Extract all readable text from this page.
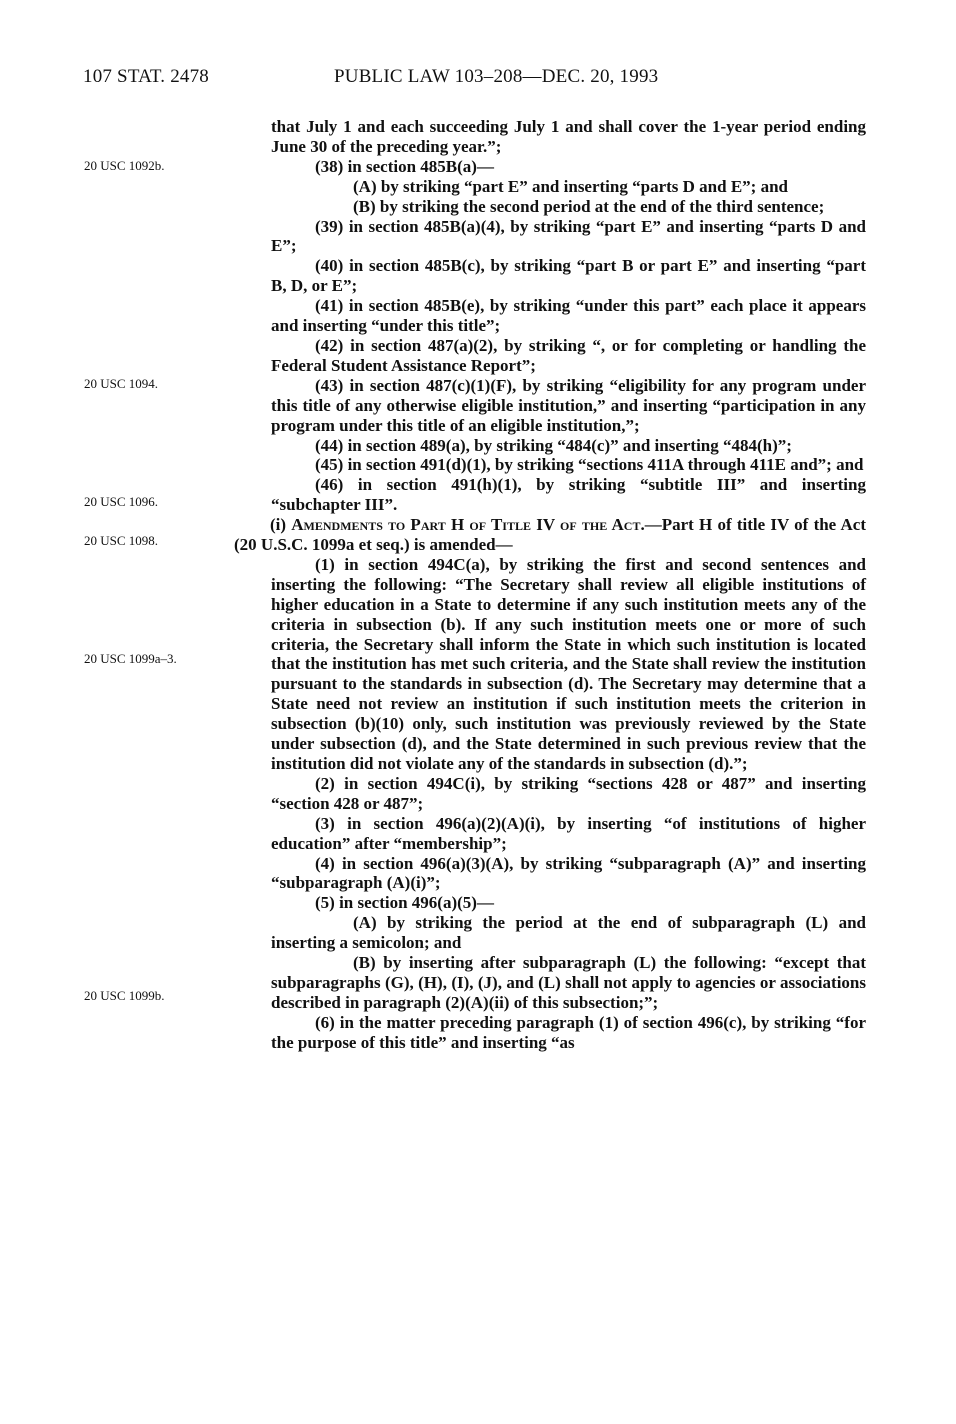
107 STAT. 2478	PUBLIC LAW 103–208—DEC. 20, 1993
20 USC 1092b.
20 USC 1094.
20 USC 1096.
20 USC 1098.
20 USC 1099a–3.
20 USC 1099b.

that July 1 and each succeeding July 1 and shall cover the 1-year period ending June 30 of the preceding year.”;

(38) in section 485B(a)—

(A) by striking “part E” and inserting “parts D and E”; and

(B) by striking the second period at the end of the third sentence;

(39) in section 485B(a)(4), by striking “part E” and inserting “parts D and E”;

(40) in section 485B(c), by striking “part B or part E” and inserting “part B, D, or E”;

(41) in section 485B(e), by striking “under this part” each place it appears and inserting “under this title”;

(42) in section 487(a)(2), by striking “, or for completing or handling the Federal Student Assistance Report”;

(43) in section 487(c)(1)(F), by striking “eligibility for any program under this title of any otherwise eligible institution,” and inserting “participation in any program under this title of an eligible institution,”;

(44) in section 489(a), by striking “484(c)” and inserting “484(h)”;

(45) in section 491(d)(1), by striking “sections 411A through 411E and”; and

(46) in section 491(h)(1), by striking “subtitle III” and inserting “subchapter III”.

(i) Amendments to Part H of Title IV of the Act.—Part H of title IV of the Act (20 U.S.C. 1099a et seq.) is amended—

(1) in section 494C(a), by striking the first and second sentences and inserting the following: “The Secretary shall review all eligible institutions of higher education in a State to determine if any such institution meets any of the criteria in subsection (b). If any such institution meets one or more of such criteria, the Secretary shall inform the State in which such institution is located that the institution has met such criteria, and the State shall review the institution pursuant to the standards in subsection (d). The Secretary may determine that a State need not review an institution if such institution meets the criterion in subsection (b)(10) only, such institution was previously reviewed by the State under subsection (d), and the State determined in such previous review that the institution did not violate any of the standards in subsection (d).”;

(2) in section 494C(i), by striking “sections 428 or 487” and inserting “section 428 or 487”;

(3) in section 496(a)(2)(A)(i), by inserting “of institutions of higher education” after “membership”;

(4) in section 496(a)(3)(A), by striking “subparagraph (A)” and inserting “subparagraph (A)(i)”;

(5) in section 496(a)(5)—

(A) by striking the period at the end of subparagraph (L) and inserting a semicolon; and

(B) by inserting after subparagraph (L) the following: “except that subparagraphs (G), (H), (I), (J), and (L) shall not apply to agencies or associations described in paragraph (2)(A)(ii) of this subsection;”;

(6) in the matter preceding paragraph (1) of section 496(c), by striking “for the purpose of this title” and inserting “as
